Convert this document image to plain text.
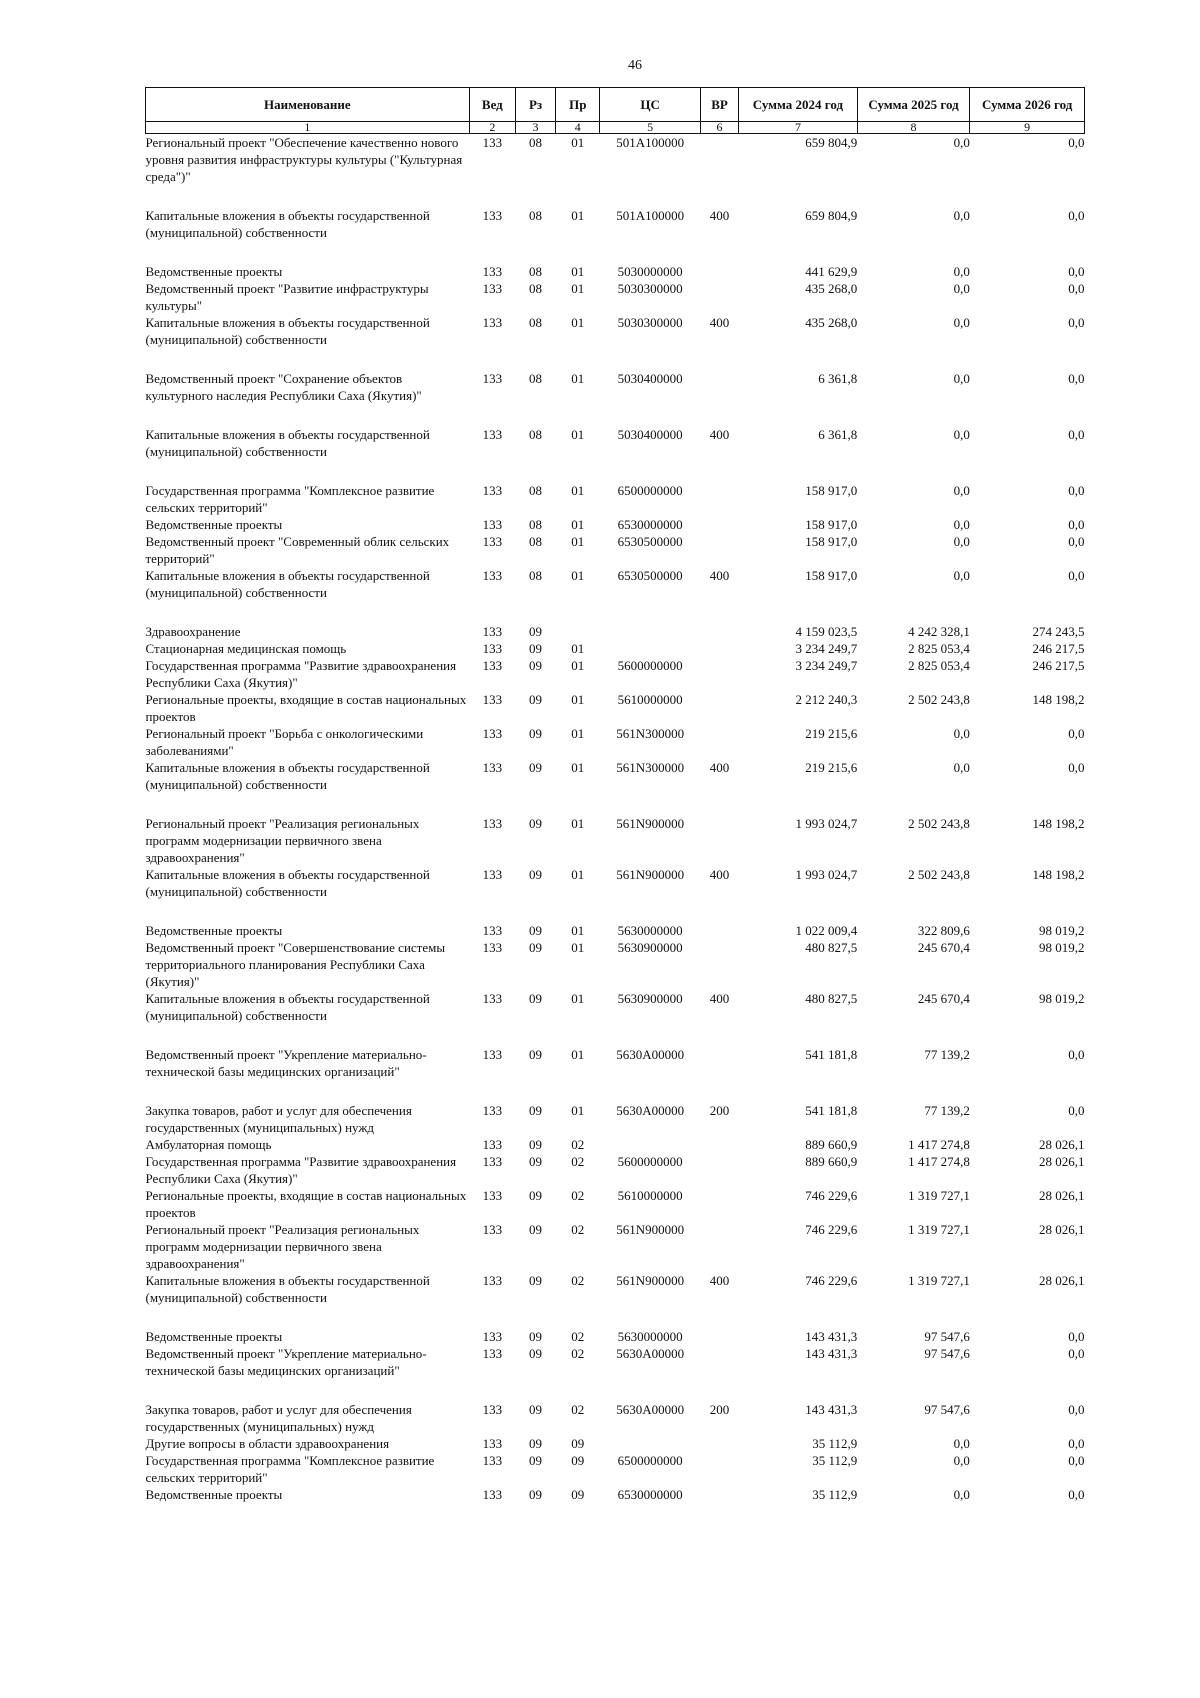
46
Наименование	Вед	Рз	Пр	ЦС	ВР	Сумма 2024 год	Сумма 2025 год	Сумма 2026 год
1	2	3	4	5	6	7	8	9
Региональный проект "Обеспечение качественно нового уровня развития инфраструктуры культуры ("Культурная среда")"	133	08	01	501A100000		659 804,9	0,0	0,0

Капитальные вложения в объекты государственной (муниципальной) собственности	133	08	01	501A100000	400	659 804,9	0,0	0,0

Ведомственные проекты	133	08	01	5030000000		441 629,9	0,0	0,0
Ведомственный проект "Развитие инфраструктуры культуры"	133	08	01	5030300000		435 268,0	0,0	0,0
Капитальные вложения в объекты государственной (муниципальной) собственности	133	08	01	5030300000	400	435 268,0	0,0	0,0

Ведомственный проект "Сохранение объектов культурного наследия Республики Саха (Якутия)"	133	08	01	5030400000		6 361,8	0,0	0,0

Капитальные вложения в объекты государственной (муниципальной) собственности	133	08	01	5030400000	400	6 361,8	0,0	0,0

Государственная программа "Комплексное развитие сельских территорий"	133	08	01	6500000000		158 917,0	0,0	0,0
Ведомственные проекты	133	08	01	6530000000		158 917,0	0,0	0,0
Ведомственный проект "Современный облик сельских территорий"	133	08	01	6530500000		158 917,0	0,0	0,0
Капитальные вложения в объекты государственной (муниципальной) собственности	133	08	01	6530500000	400	158 917,0	0,0	0,0

Здравоохранение	133	09				4 159 023,5	4 242 328,1	274 243,5
Стационарная медицинская помощь	133	09	01			3 234 249,7	2 825 053,4	246 217,5
Государственная программа "Развитие здравоохранения Республики Саха (Якутия)"	133	09	01	5600000000		3 234 249,7	2 825 053,4	246 217,5
Региональные проекты, входящие в состав национальных проектов	133	09	01	5610000000		2 212 240,3	2 502 243,8	148 198,2
Региональный проект "Борьба с онкологическими заболеваниями"	133	09	01	561N300000		219 215,6	0,0	0,0
Капитальные вложения в объекты государственной (муниципальной) собственности	133	09	01	561N300000	400	219 215,6	0,0	0,0

Региональный проект "Реализация региональных программ модернизации первичного звена здравоохранения"	133	09	01	561N900000		1 993 024,7	2 502 243,8	148 198,2
Капитальные вложения в объекты государственной (муниципальной) собственности	133	09	01	561N900000	400	1 993 024,7	2 502 243,8	148 198,2

Ведомственные проекты	133	09	01	5630000000		1 022 009,4	322 809,6	98 019,2
Ведомственный проект "Совершенствование системы территориального планирования Республики Саха (Якутия)"	133	09	01	5630900000		480 827,5	245 670,4	98 019,2
Капитальные вложения в объекты государственной (муниципальной) собственности	133	09	01	5630900000	400	480 827,5	245 670,4	98 019,2

Ведомственный проект "Укрепление материально-технической базы медицинских организаций"	133	09	01	5630A00000		541 181,8	77 139,2	0,0

Закупка товаров, работ и услуг для обеспечения государственных (муниципальных) нужд	133	09	01	5630A00000	200	541 181,8	77 139,2	0,0
Амбулаторная помощь	133	09	02			889 660,9	1 417 274,8	28 026,1
Государственная программа "Развитие здравоохранения Республики Саха (Якутия)"	133	09	02	5600000000		889 660,9	1 417 274,8	28 026,1
Региональные проекты, входящие в состав национальных проектов	133	09	02	5610000000		746 229,6	1 319 727,1	28 026,1
Региональный проект "Реализация региональных программ модернизации первичного звена здравоохранения"	133	09	02	561N900000		746 229,6	1 319 727,1	28 026,1
Капитальные вложения в объекты государственной (муниципальной) собственности	133	09	02	561N900000	400	746 229,6	1 319 727,1	28 026,1

Ведомственные проекты	133	09	02	5630000000		143 431,3	97 547,6	0,0
Ведомственный проект "Укрепление материально-технической базы медицинских организаций"	133	09	02	5630A00000		143 431,3	97 547,6	0,0

Закупка товаров, работ и услуг для обеспечения государственных (муниципальных) нужд	133	09	02	5630A00000	200	143 431,3	97 547,6	0,0
Другие вопросы в области здравоохранения	133	09	09			35 112,9	0,0	0,0
Государственная программа "Комплексное развитие сельских территорий"	133	09	09	6500000000		35 112,9	0,0	0,0
Ведомственные проекты	133	09	09	6530000000		35 112,9	0,0	0,0
